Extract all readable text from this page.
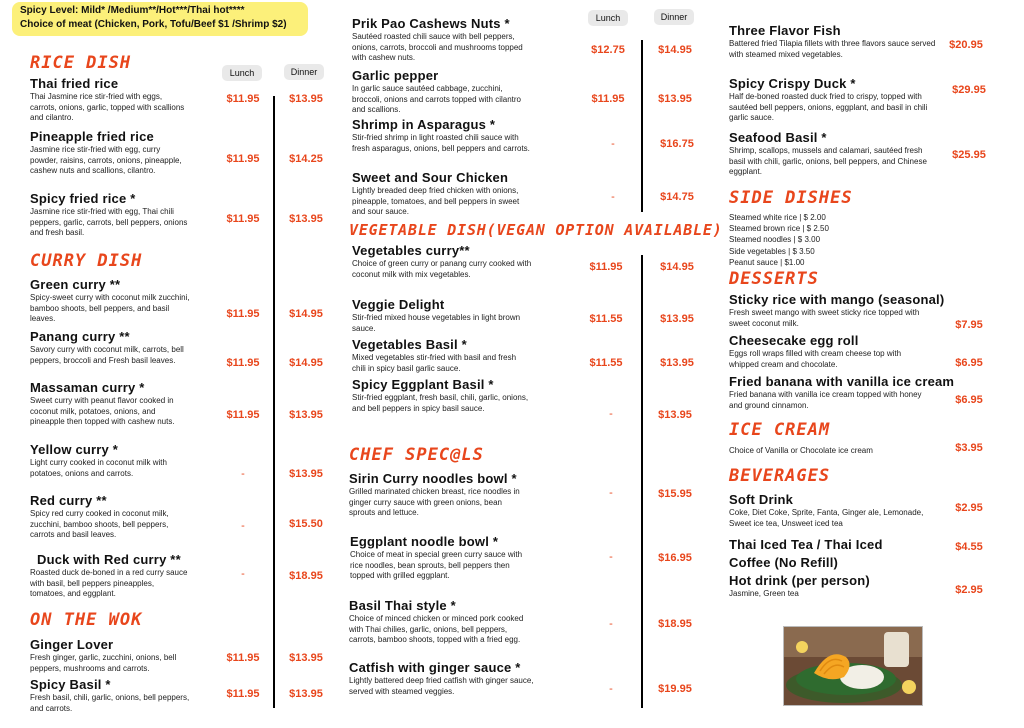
Spicy Level: Mild* /Medium**/Hot***/Thai hot****
Choice of meat (Chicken, Pork, Tofu/Beef $1 /Shrimp $2)
RICE DISH	Lunch	Dinner
Thai fried rice
Thai Jasmine rice stir-fried with eggs, carrots, onions, garlic, topped with scallions and cilantro.
$11.95	$13.95
Pineapple fried rice
Jasmine rice stir-fried with egg, curry powder, raisins, carrots, onions, pineapple, cashew nuts and scallions, cilantro.
$11.95	$14.25
Spicy fried rice *
Jasmine rice stir-fried with egg, Thai chili peppers, garlic, carrots, bell peppers, onions and fresh basil.
$11.95	$13.95
CURRY DISH
Green curry **
Spicy-sweet curry with coconut milk zucchini, bamboo shoots, bell peppers, and basil leaves.	$11.95	$14.95
Panang curry **
Savory curry with coconut milk, carrots, bell peppers, broccoli and Fresh basil leaves.	$11.95	$14.95
Massaman curry *
Sweet curry with peanut flavor cooked in coconut milk, potatoes, onions, and pineapple then topped with cashew nuts.
$11.95	$13.95
Yellow curry *
Light curry cooked in coconut milk with potatoes, onions and carrots.	-	$13.95
Red curry **
Spicy red curry cooked in coconut milk, zucchini, bamboo shoots, bell peppers, carrots and basil leaves.
-	$15.50
Duck with Red curry **
Roasted duck de-boned in a red curry sauce with basil, bell peppers pineapples, tomatoes, and eggplant.
-	$18.95
ON THE WOK
Ginger Lover
Fresh ginger, garlic, zucchini, onions, bell peppers, mushrooms and carrots.
$11.95	$13.95
Spicy Basil *
Fresh basil, chili, garlic, onions, bell peppers, and carrots.
$11.95	$13.95
Lunch	Dinner
Prik Pao Cashews Nuts *
Sautéed roasted chili sauce with bell peppers, onions, carrots, broccoli and mushrooms topped with cashew nuts.
$12.75	$14.95
Garlic pepper
In garlic sauce sautéed cabbage, zucchini, broccoli, onions and carrots topped with cilantro and scallions.
$11.95	$13.95
Shrimp in Asparagus *
Stir-fried shrimp in light roasted chili sauce with fresh asparagus, onions, bell peppers and carrots.	-	$16.75
Sweet and Sour Chicken
Lightly breaded deep fried chicken with onions, pineapple, tomatoes, and bell peppers in sweet and sour sauce.
-	$14.75
VEGETABLE DISH(VEGAN OPTION AVAILABLE)
Vegetables curry**
Choice of green curry or panang curry cooked with coconut milk with mix vegetables.
$11.95	$14.95
Veggie Delight
Stir-fried mixed house vegetables in light brown sauce.
$11.55	$13.95
Vegetables Basil *
Mixed vegetables stir-fried with basil and fresh chili in spicy basil garlic sauce.	$11.55	$13.95
Spicy Eggplant Basil *
Stir-fried eggplant, fresh basil, chili, garlic, onions, and bell peppers in spicy basil sauce.	-	$13.95
CHEF SPEC@LS
Sirin Curry noodles bowl *
Grilled marinated chicken breast, rice noodles in ginger curry sauce with green onions, bean sprouts and lettuce.
-	$15.95
Eggplant noodle bowl *
Choice of meat in special green curry sauce with rice noodles, bean sprouts, bell peppers then topped with grilled eggplant.
-	$16.95
Basil Thai style *
Choice of minced chicken or minced pork cooked with Thai chilies, garlic, onions, bell peppers, carrots, bamboo shoots, topped with a fried egg.
-	$18.95
Catfish with ginger sauce *
Lightly battered deep fried catfish with ginger sauce, served with steamed veggies.	-	$19.95
Three Flavor Fish
Battered fried Tilapia fillets with three flavors sauce served with steamed mixed vegetables.
$20.95
Spicy Crispy Duck *
Half de-boned roasted duck fried to crispy, topped with sautéed bell peppers, onions, eggplant, and basil in chili garlic sauce.
$29.95
Seafood Basil *
Shrimp, scallops, mussels and calamari, sautéed fresh basil with chili, garlic, onions, bell peppers, and Chinese eggplant.
$25.95
SIDE DISHES
Steamed white rice | $ 2.00
Steamed brown rice | $ 2.50
Steamed noodles | $ 3.00
Side vegetables | $ 3.50
Peanut sauce | $1.00
DESSERTS
Sticky rice with mango (seasonal)
Fresh sweet mango with sweet sticky rice topped with sweet coconut milk.	$7.95
Cheesecake egg roll
Eggs roll wraps filled with cream cheese top with whipped cream and chocolate.	$6.95
Fried banana with vanilla ice cream
Fried banana with vanilla ice cream topped with honey and ground cinnamon.	$6.95
ICE CREAM
Choice of Vanilla or Chocolate ice cream	$3.95
BEVERAGES
Soft Drink
Coke, Diet Coke, Sprite, Fanta, Ginger ale, Lemonade, Sweet ice tea, Unsweet iced tea
$2.95
Thai Iced Tea / Thai Iced Coffee (No Refill)
$4.55
Hot drink (per person)
Jasmine, Green tea	$2.95
